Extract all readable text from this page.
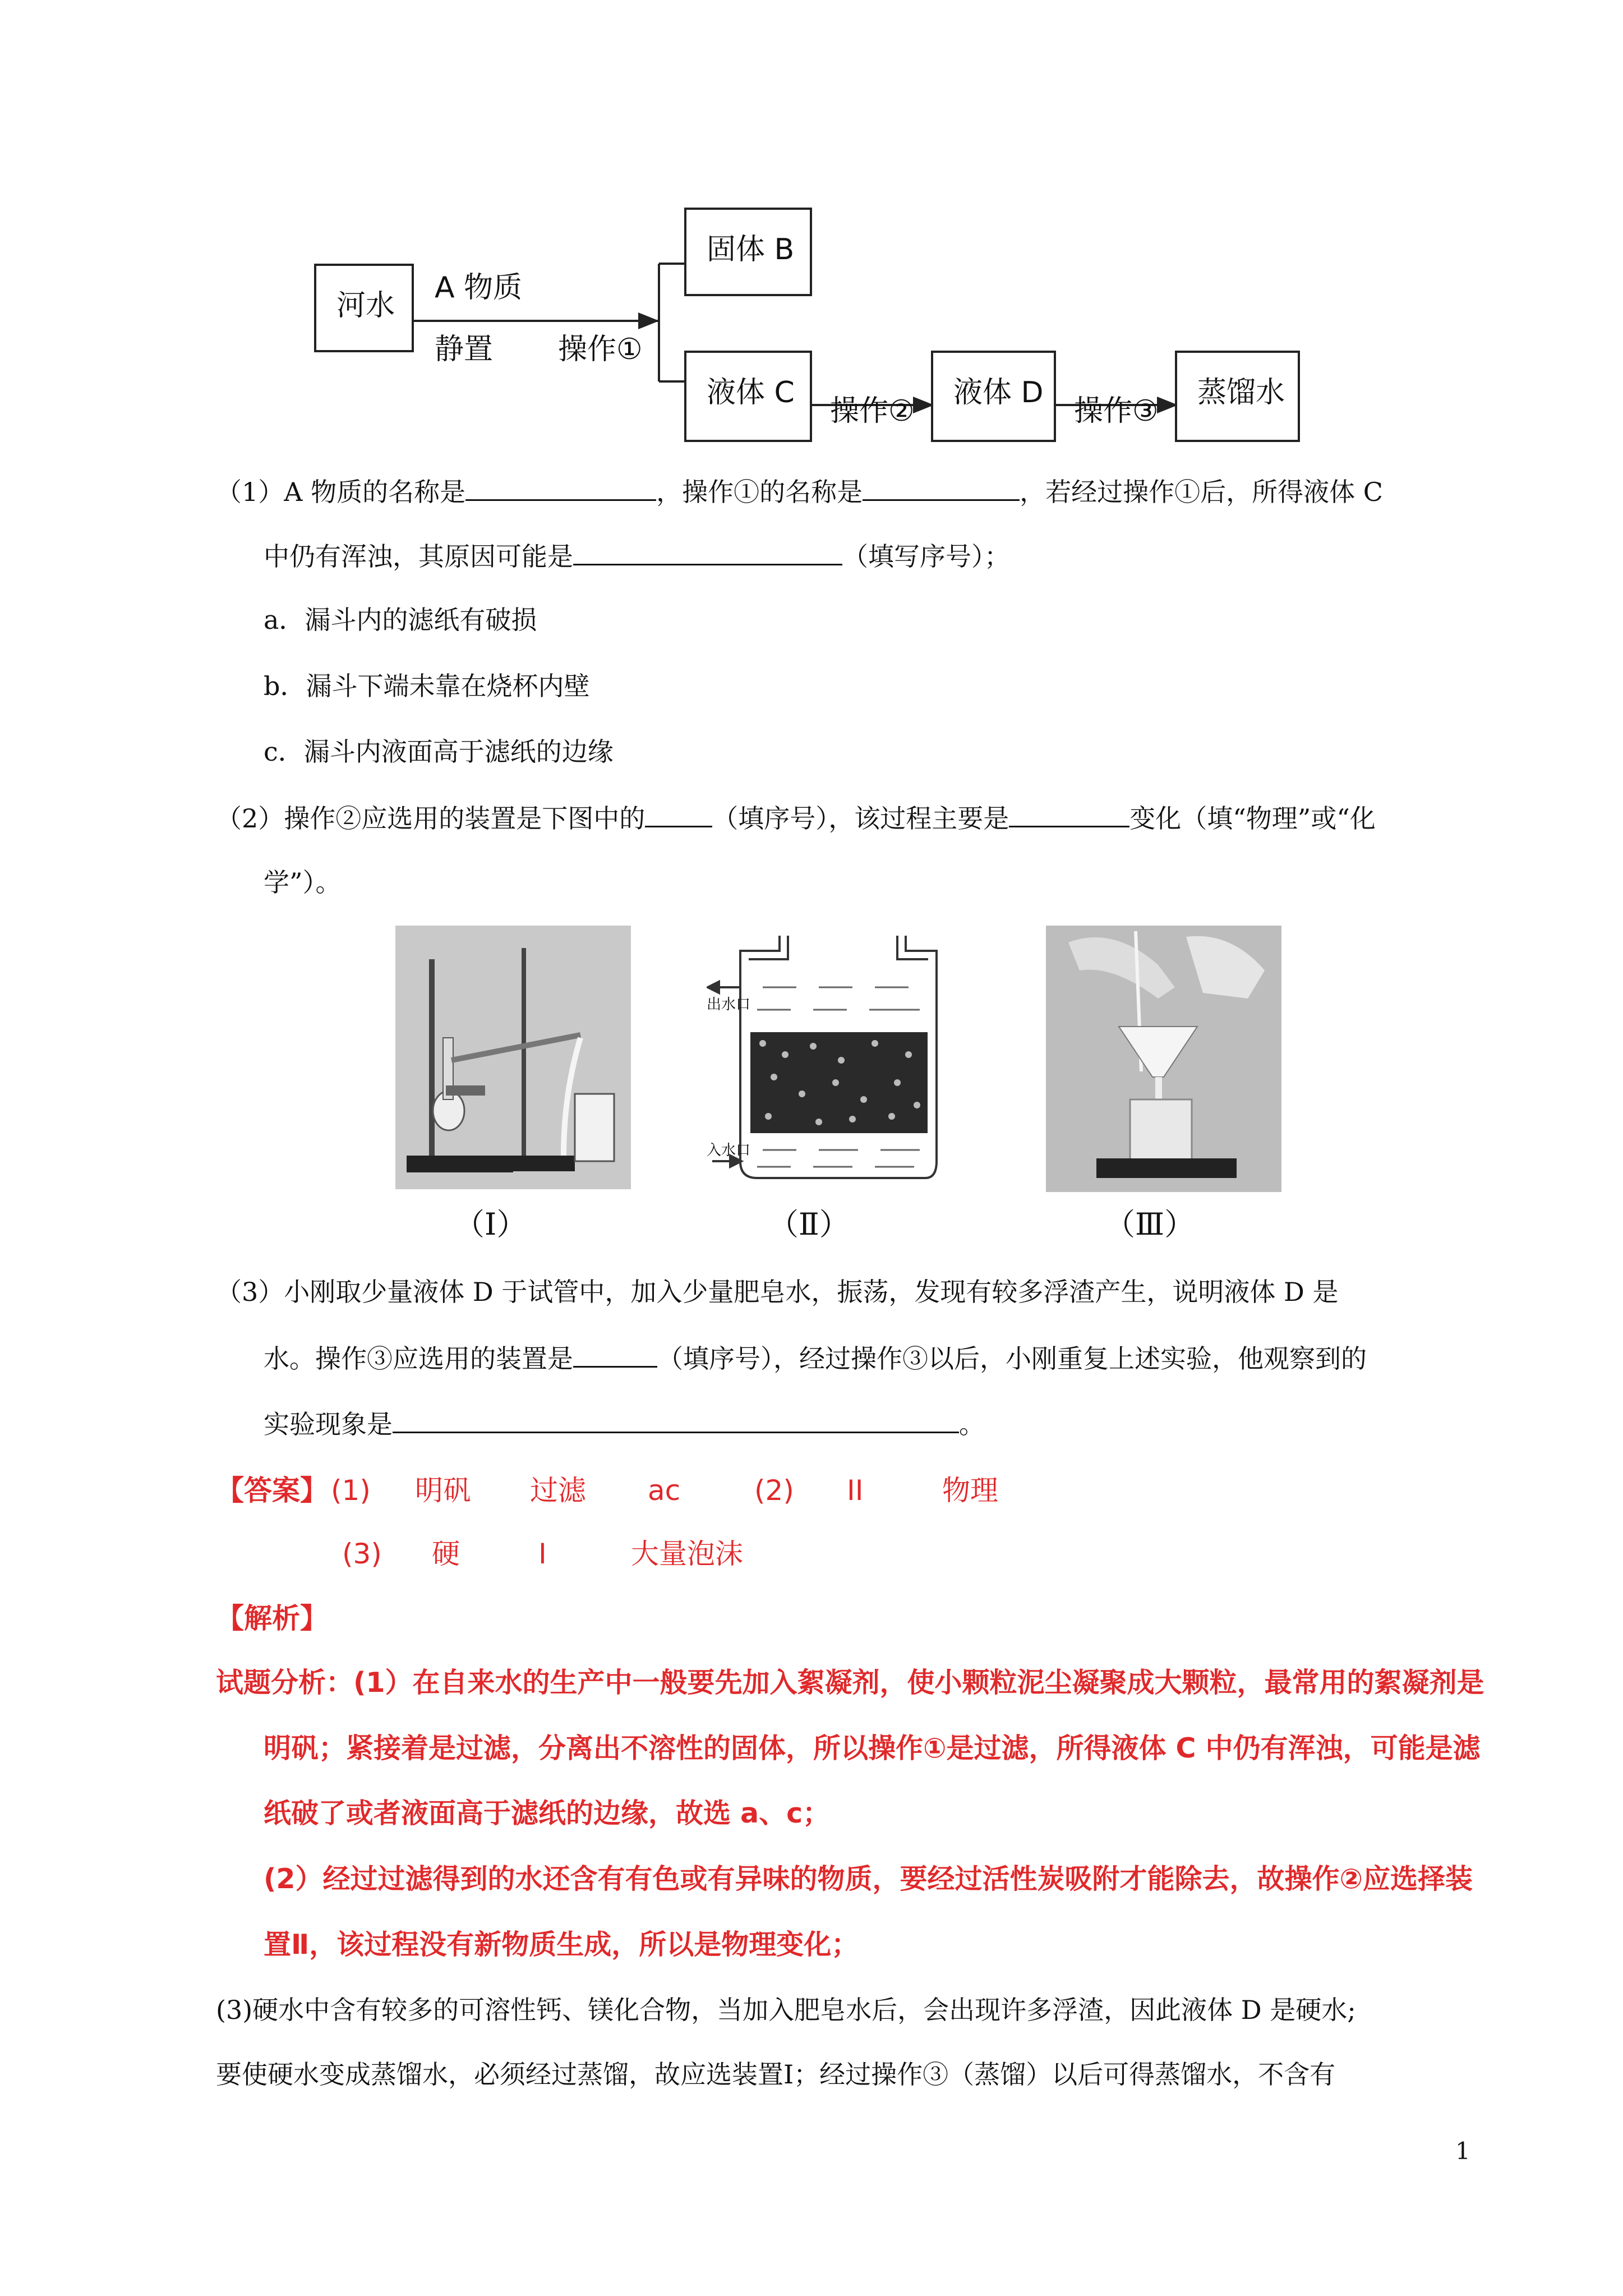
河水
固体 B
液体 C	液体 D	蒸馏水
A 物质
静置 操作①
操作②	操作③
（1）A 物质的名称是	，操作①的名称是	，若经过操作①后，所得液体 C
中仍有浑浊，其原因可能是	（填写序号）；
a．漏斗内的滤纸有破损
b．漏斗下端未靠在烧杯内壁
c．漏斗内液面高于滤纸的边缘
（2）操作②应选用的装置是下图中的	（填序号），该过程主要是	变化（填“物理”或“化
学”）。
出水口
入水口
（Ⅰ）	（Ⅱ）	（Ⅲ）
（3）小刚取少量液体 D 于试管中，加入少量肥皂水，振荡，发现有较多浮渣产生，说明液体 D 是
水。操作③应选用的装置是	（填序号），经过操作③以后，小刚重复上述实验，他观察到的
实验现象是	。
【答案】 (1) 明矾 过滤 ac	(2) II	物理
(3) 硬	I	大量泡沫
【解析】
试题分析：(1）在自来水的生产中一般要先加入絮凝剂，使小颗粒泥尘凝聚成大颗粒，最常用的絮凝剂是
明矾；紧接着是过滤，分离出不溶性的固体，所以操作①是过滤，所得液体 C 中仍有浑浊，可能是滤
纸破了或者液面高于滤纸的边缘，故选 a、c；
(2）经过过滤得到的水还含有有色或有异味的物质，要经过活性炭吸附才能除去，故操作②应选择装
置Ⅱ，该过程没有新物质生成，所以是物理变化；
(3)硬水中含有较多的可溶性钙、镁化合物，当加入肥皂水后，会出现许多浮渣，因此液体 D 是硬水;
要使硬水变成蒸馏水，必须经过蒸馏，故应选装置Ⅰ；经过操作③（蒸馏）以后可得蒸馏水，不含有
1
